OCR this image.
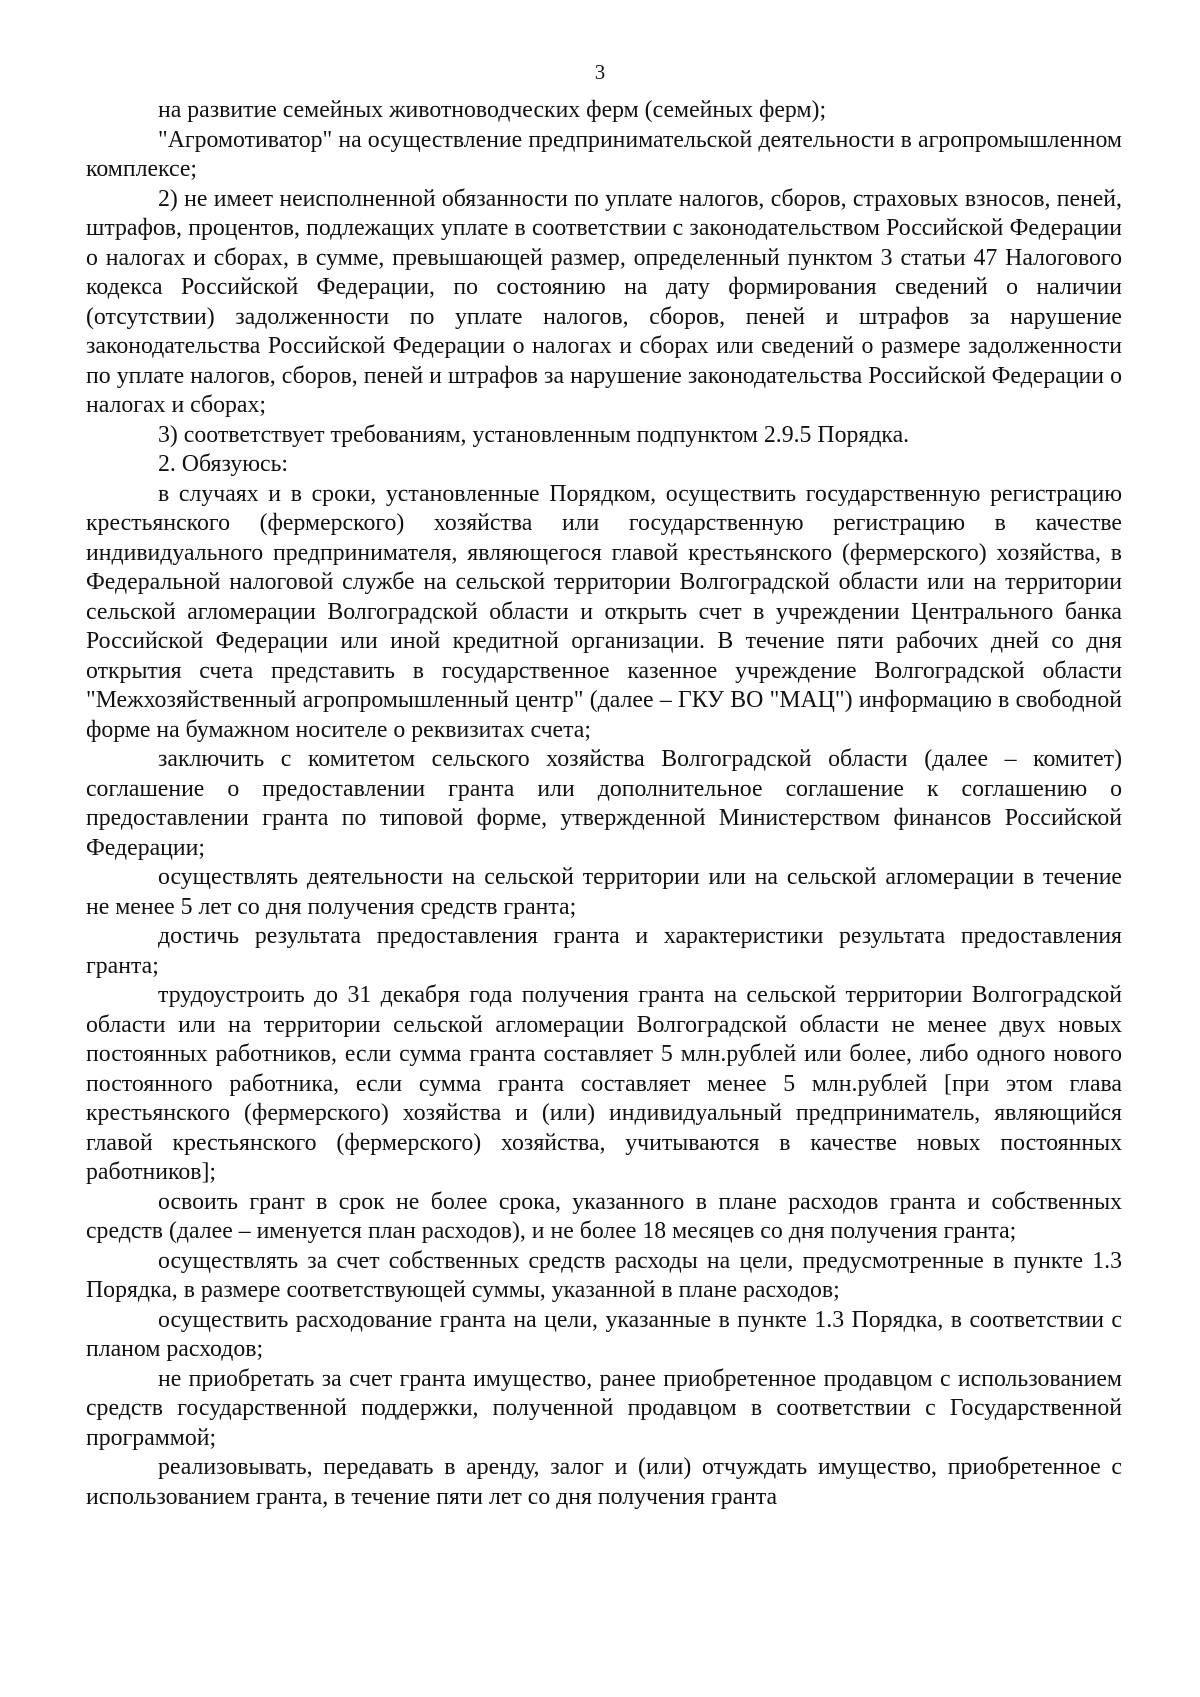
3

на развитие семейных животноводческих ферм (семейных ферм);

"Агромотиватор" на осуществление предпринимательской деятельности в агропромышленном комплексе;

2) не имеет неисполненной обязанности по уплате налогов, сборов, страховых взносов, пеней, штрафов, процентов, подлежащих уплате в соответствии с законодательством Российской Федерации о налогах и сборах, в сумме, превышающей размер, определенный пунктом 3 статьи 47 Налогового кодекса Российской Федерации, по состоянию на дату формирования сведений о наличии (отсутствии) задолженности по уплате налогов, сборов, пеней и штрафов за нарушение законодательства Российской Федерации о налогах и сборах или сведений о размере задолженности по уплате налогов, сборов, пеней и штрафов за нарушение законодательства Российской Федерации о налогах и сборах;

3) соответствует требованиям, установленным подпунктом 2.9.5 Порядка.

2. Обязуюсь:

в случаях и в сроки, установленные Порядком, осуществить государственную регистрацию крестьянского (фермерского) хозяйства или государственную регистрацию в качестве индивидуального предпринимателя, являющегося главой крестьянского (фермерского) хозяйства, в Федеральной налоговой службе на сельской территории Волгоградской области или на территории сельской агломерации Волгоградской области и открыть счет в учреждении Центрального банка Российской Федерации или иной кредитной организации. В течение пяти рабочих дней со дня открытия счета представить в государственное казенное учреждение Волгоградской области "Межхозяйственный агропромышленный центр" (далее – ГКУ ВО "МАЦ") информацию в свободной форме на бумажном носителе о реквизитах счета;

заключить с комитетом сельского хозяйства Волгоградской области (далее – комитет) соглашение о предоставлении гранта или дополнительное соглашение к соглашению о предоставлении гранта по типовой форме, утвержденной Министерством финансов Российской Федерации;

осуществлять деятельности на сельской территории или на сельской агломерации в течение не менее 5 лет со дня получения средств гранта;

достичь результата предоставления гранта и характеристики результата предоставления гранта;

трудоустроить до 31 декабря года получения гранта на сельской территории Волгоградской области или на территории сельской агломерации Волгоградской области не менее двух новых постоянных работников, если сумма гранта составляет 5 млн.рублей или более, либо одного нового постоянного работника, если сумма гранта составляет менее 5 млн.рублей [при этом глава крестьянского (фермерского) хозяйства и (или) индивидуальный предприниматель, являющийся главой крестьянского (фермерского) хозяйства, учитываются в качестве новых постоянных работников];

освоить грант в срок не более срока, указанного в плане расходов гранта и собственных средств (далее – именуется план расходов), и не более 18 месяцев со дня получения гранта;

осуществлять за счет собственных средств расходы на цели, предусмотренные в пункте 1.3 Порядка, в размере соответствующей суммы, указанной в плане расходов;

осуществить расходование гранта на цели, указанные в пункте 1.3 Порядка, в соответствии с планом расходов;

не приобретать за счет гранта имущество, ранее приобретенное продавцом с использованием средств государственной поддержки, полученной продавцом в соответствии с Государственной программой;

реализовывать, передавать в аренду, залог и (или) отчуждать имущество, приобретенное с использованием гранта, в течение пяти лет со дня получения гранта
